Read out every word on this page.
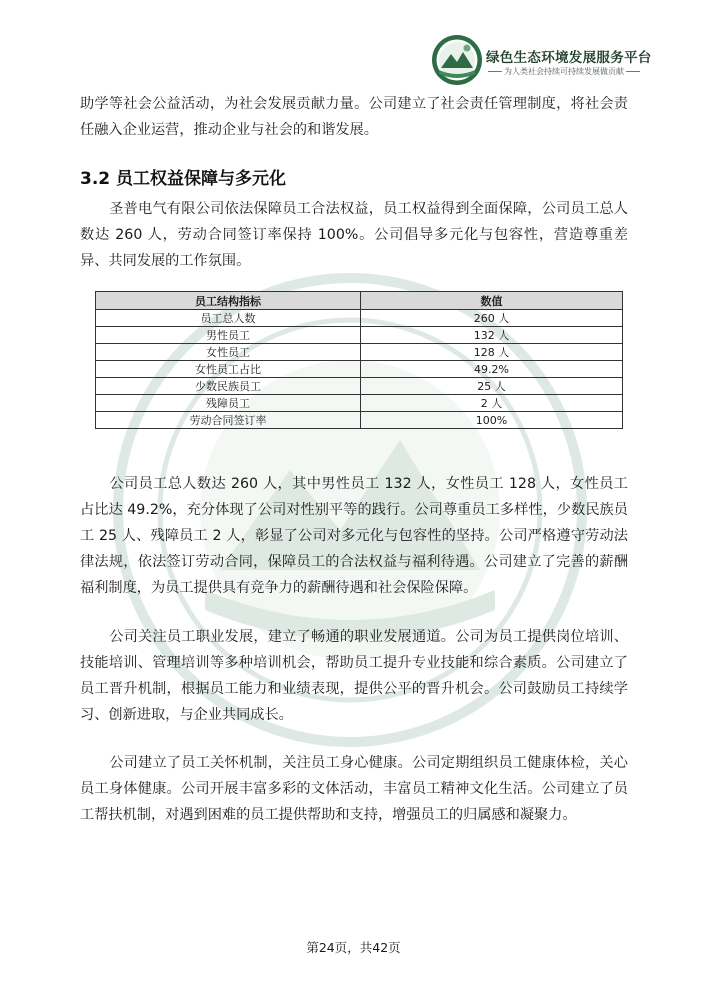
绿色生态环境发展服务平台
为人类社会持续可持续发展做贡献
助学等社会公益活动，为社会发展贡献力量。公司建立了社会责任管理制度，将社会责任融入企业运营，推动企业与社会的和谐发展。
3.2 员工权益保障与多元化
圣普电气有限公司依法保障员工合法权益，员工权益得到全面保障，公司员工总人数达 260 人，劳动合同签订率保持 100%。公司倡导多元化与包容性，营造尊重差异、共同发展的工作氛围。
员工结构指标	数值
员工总人数	260 人
男性员工	132 人
女性员工	128 人
女性员工占比	49.2%
少数民族员工	25 人
残障员工	2 人
劳动合同签订率	100%
公司员工总人数达 260 人，其中男性员工 132 人，女性员工 128 人，女性员工占比达 49.2%，充分体现了公司对性别平等的践行。公司尊重员工多样性，少数民族员工 25 人、残障员工 2 人，彰显了公司对多元化与包容性的坚持。公司严格遵守劳动法律法规，依法签订劳动合同，保障员工的合法权益与福利待遇。公司建立了完善的薪酬福利制度，为员工提供具有竞争力的薪酬待遇和社会保险保障。
公司关注员工职业发展，建立了畅通的职业发展通道。公司为员工提供岗位培训、技能培训、管理培训等多种培训机会，帮助员工提升专业技能和综合素质。公司建立了员工晋升机制，根据员工能力和业绩表现，提供公平的晋升机会。公司鼓励员工持续学习、创新进取，与企业共同成长。
公司建立了员工关怀机制，关注员工身心健康。公司定期组织员工健康体检，关心员工身体健康。公司开展丰富多彩的文体活动，丰富员工精神文化生活。公司建立了员工帮扶机制，对遇到困难的员工提供帮助和支持，增强员工的归属感和凝聚力。
第24页，共42页
